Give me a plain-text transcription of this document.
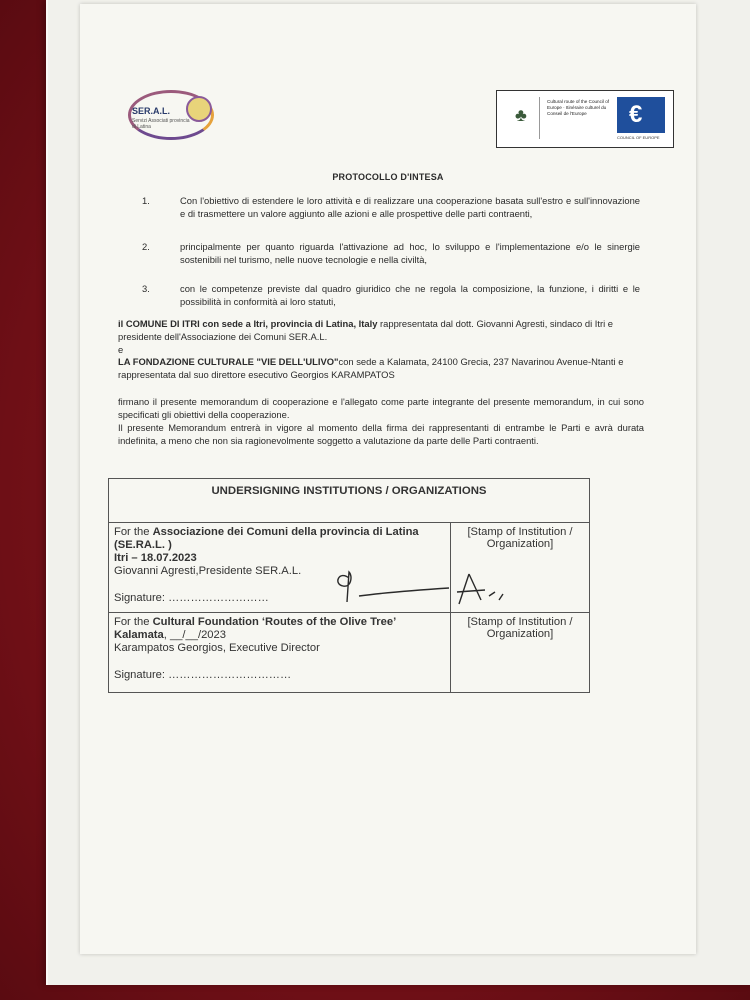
SER.A.L.
Servizi Associati provincia di Latina
♣
Cultural route of the Council of Europe · Itinéraire culturel du Conseil de l'Europe	€
COUNCIL OF EUROPE
PROTOCOLLO D'INTESA
1.	Con l'obiettivo di estendere le loro attività e di realizzare una cooperazione basata sull'estro e sull'innovazione e di trasmettere un valore aggiunto alle azioni e alle prospettive delle parti contraenti,
2.	principalmente per quanto riguarda l'attivazione ad hoc, lo sviluppo e l'implementazione e/o le sinergie sostenibili nel turismo, nelle nuove tecnologie e nella civiltà,
3.	con le competenze previste dal quadro giuridico che ne regola la composizione, la funzione, i diritti e le possibilità in conformità ai loro statuti,
il COMUNE DI ITRI con sede a Itri, provincia di Latina, Italy rappresentata dal dott. Giovanni Agresti, sindaco di Itri e presidente dell'Associazione dei Comuni SER.A.L.
e
LA FONDAZIONE CULTURALE "VIE DELL'ULIVO"con sede a Kalamata, 24100 Grecia, 237 Navarinou Avenue-Ntanti e rappresentata dal suo direttore esecutivo Georgios KARAMPATOS
firmano il presente memorandum di cooperazione e l'allegato come parte integrante del presente memorandum, in cui sono specificati gli obiettivi della cooperazione.
Il presente Memorandum entrerà in vigore al momento della firma dei rappresentanti di entrambe le Parti e avrà durata indefinita, a meno che non sia ragionevolmente soggetto a valutazione da parte delle Parti contraenti.
UNDERSIGNING INSTITUTIONS / ORGANIZATIONS	

For the Associazione dei Comuni della provincia di Latina (SE.RA.L. )
Itri – 18.07.2023
Giovanni Agresti,Presidente SER.A.L.
Signature: ………………………	[Stamp of Institution / Organization]

For the Cultural Foundation ‘Routes of the Olive Tree’
Kalamata, __/__/2023
Karampatos Georgios, Executive Director
Signature: ……………………………	[Stamp of Institution / Organization]
